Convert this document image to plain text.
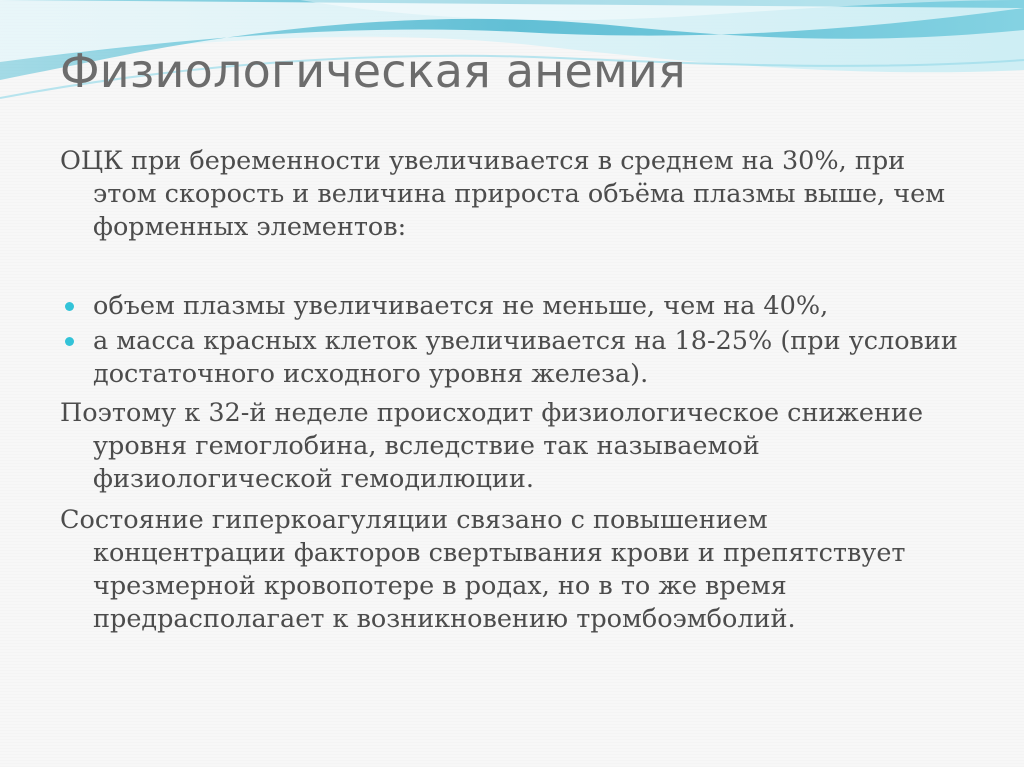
Физиологическая анемия

ОЦК при беременности увеличивается в среднем на 30%, при этом скорость и величина прироста объёма плазмы выше, чем форменных элементов:

объем плазмы увеличивается не меньше, чем на 40%,
а масса красных клеток увеличивается на 18-25% (при условии достаточного исходного уровня железа).

Поэтому к 32-й неделе происходит физиологическое снижение уровня гемоглобина, вследствие так называемой физиологической гемодилюции.

Состояние гиперкоагуляции связано с повышением концентрации факторов свертывания крови и препятствует чрезмерной кровопотере в родах, но в то же время предрасполагает к возникновению тромбоэмболий.
